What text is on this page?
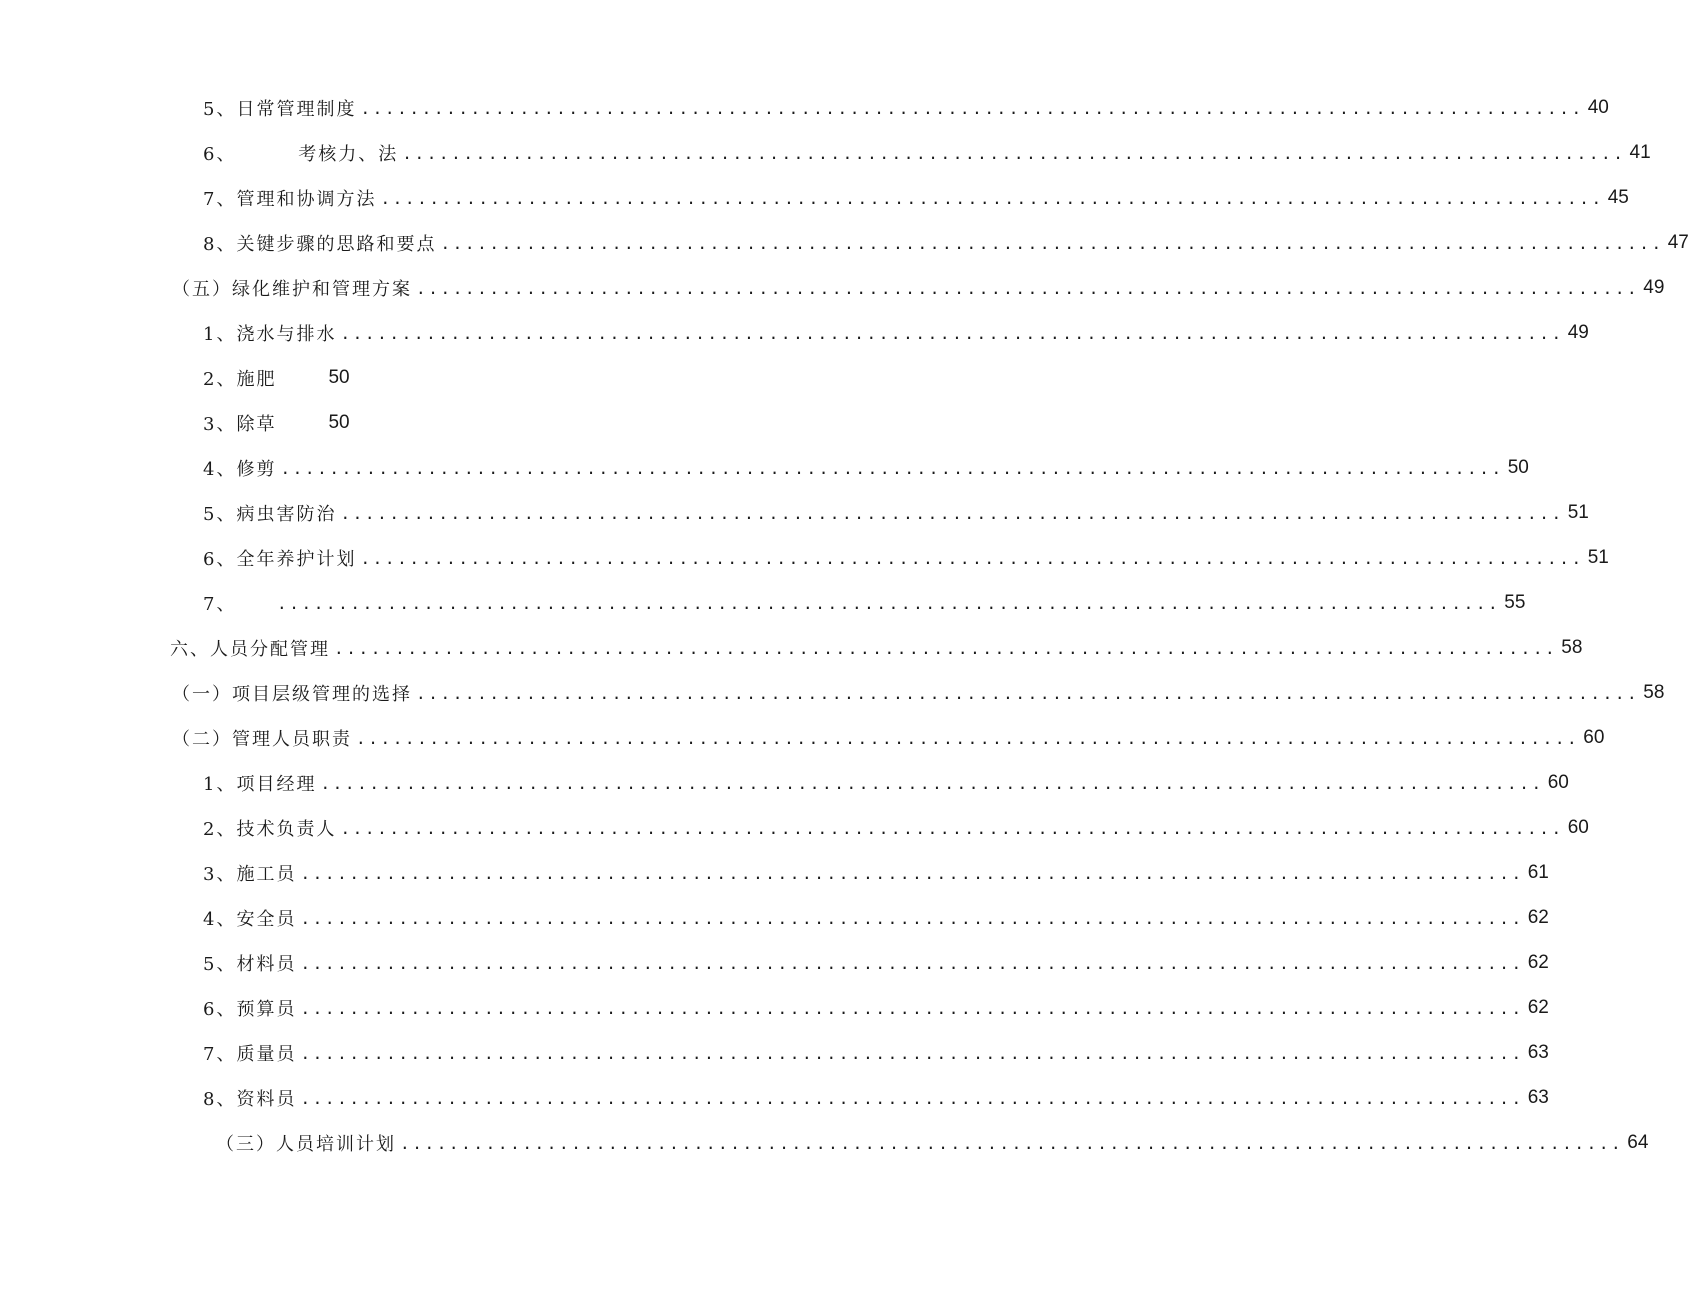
5、日常管理制度 .................................................................................................... 40
6、        考核力、法 .................................................................................................... 41
7、管理和协调方法 .................................................................................................... 45
8、关键步骤的思路和要点 .................................................................................................... 47
（五）绿化维护和管理方案 .................................................................................................... 49
1、浇水与排水 .................................................................................................... 49
2、施肥	50
3、除草	50
4、修剪 .................................................................................................... 50
5、病虫害防治 .................................................................................................... 51
6、全年养护计划 .................................................................................................... 51
7、	.................................................................................................... 55
六、人员分配管理 .................................................................................................... 58
（一）项目层级管理的选择 .................................................................................................... 58
（二）管理人员职责 .................................................................................................... 60
1、项目经理 .................................................................................................... 60
2、技术负责人 .................................................................................................... 60
3、施工员 .................................................................................................... 61
4、安全员 .................................................................................................... 62
5、材料员 .................................................................................................... 62
6、预算员 .................................................................................................... 62
7、质量员 .................................................................................................... 63
8、资料员 .................................................................................................... 63
（三）人员培训计划 .................................................................................................... 64
